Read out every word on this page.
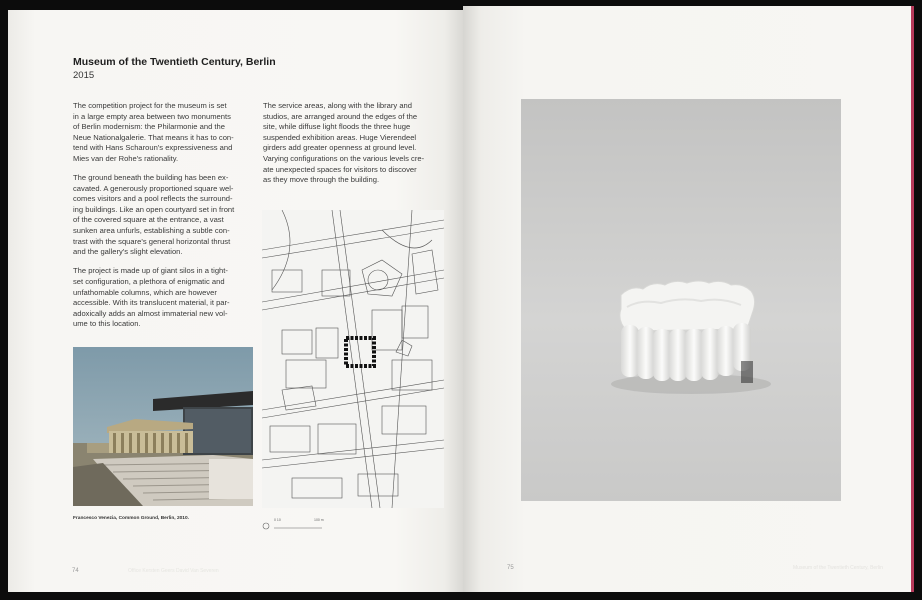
Museum of the Twentieth Century, Berlin
2015

The competition project for the museum is set
in a large empty area between two monuments
of Berlin modernism: the Philarmonie and the
Neue Nationalgalerie. That means it has to con-
tend with Hans Scharoun's expressiveness and
Mies van der Rohe's rationality.

The ground beneath the building has been ex-
cavated. A generously proportioned square wel-
comes visitors and a pool reflects the surround-
ing buildings. Like an open courtyard set in front
of the covered square at the entrance, a vast
sunken area unfurls, establishing a subtle con-
trast with the square's general horizontal thrust
and the gallery's slight elevation.

The project is made up of giant silos in a tight-
set configuration, a plethora of enigmatic and
unfathomable columns, which are however
accessible. With its translucent material, it par-
adoxically adds an almost immaterial new vol-
ume to this location.

The service areas, along with the library and
studios, are arranged around the edges of the
site, while diffuse light floods the three huge
suspended exhibition areas. Huge Vierendeel
girders add greater openness at ground level.
Varying configurations on the various levels cre-
ate unexpected spaces for visitors to discover
as they move through the building.

Francesco Venezia, Common Ground, Berlin, 2010.	0 10	100 m
74	Office Kersten Geers David Van Severen	75	Museum of the Twentieth Century, Berlin
